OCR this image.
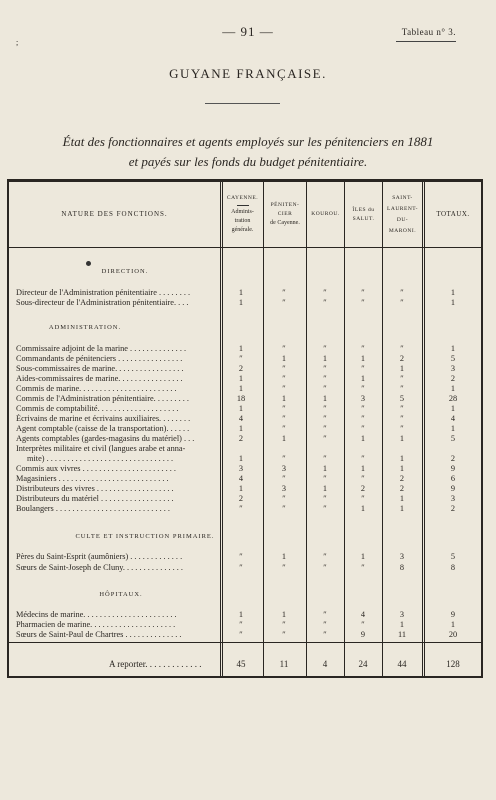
— 91 —	Tableau n° 3.
;
GUYANE FRANÇAISE.
État des fonctionnaires et agents employés sur les pénitenciers en 1881
et payés sur les fonds du budget pénitentiaire.
NATURE DES FONCTIONS.
CAYENNE.
Adminis-tration générale.
PÉNITEN-CIER
de Cayenne.
KOUROU.
ÎLES du SALUT.
SAINT-LAURENT-DU-MARONI.
TOTAUX.
DIRECTION.
Directeur de l'Administration pénitentiaire . . . . . . . .	1	″	″	″	″	1
Sous-directeur de l'Administration pénitentiaire. . . .	1	″	″	″	″	1
ADMINISTRATION.
Commissaire adjoint de la marine . . . . . . . . . . . . . .	1	″	″	″	″	1
Commandants de pénitenciers . . . . . . . . . . . . . . . .	″	1	1	1	2	5
Sous-commissaires de marine. . . . . . . . . . . . . . . . .	2	″	″	″	1	3
Aides-commissaires de marine. . . . . . . . . . . . . . . .	1	″	″	1	″	2
Commis de marine. . . . . . . . . . . . . . . . . . . . . . . .	1	″	″	″	″	1
Commis de l'Administration pénitentiaire. . . . . . . . .	18	1	1	3	5	28
Commis de comptabilité. . . . . . . . . . . . . . . . . . . .	1	″	″	″	″	1
Écrivains de marine et écrivains auxiliaires. . . . . . . .	4	″	″	″	″	4
Agent comptable (caisse de la transportation). . . . . .	1	″	″	″	″	1
Agents comptables (gardes-magasins du matériel) . . .	2	1	″	1	1	5
Interprètes militaire et civil (langues arabe et anna-
mite) . . . . . . . . . . . . . . . . . . . . . . . . . . . . . . .	1	″	″	″	1	2
Commis aux vivres . . . . . . . . . . . . . . . . . . . . . . .	3	3	1	1	1	9
Magasiniers . . . . . . . . . . . . . . . . . . . . . . . . . . .	4	″	″	″	2	6
Distributeurs des vivres . . . . . . . . . . . . . . . . . . .	1	3	1	2	2	9
Distributeurs du matériel . . . . . . . . . . . . . . . . . .	2	″	″	″	1	3
Boulangers . . . . . . . . . . . . . . . . . . . . . . . . . . . .	″	″	″	1	1	2
CULTE ET INSTRUCTION PRIMAIRE.
Pères du Saint-Esprit (aumôniers) . . . . . . . . . . . . .	″	1	″	1	3	5
Sœurs de Saint-Joseph de Cluny. . . . . . . . . . . . . . .	″	″	″	″	8	8
HÔPITAUX.
Médecins de marine. . . . . . . . . . . . . . . . . . . . . . .	1	1	″	4	3	9
Pharmacien de marine. . . . . . . . . . . . . . . . . . . . .	″	″	″	″	1	1
Sœurs de Saint-Paul de Chartres . . . . . . . . . . . . . .	″	″	″	9	11	20
A reporter. . . . . . . . . . . . .	45	11	4	24	44	128
